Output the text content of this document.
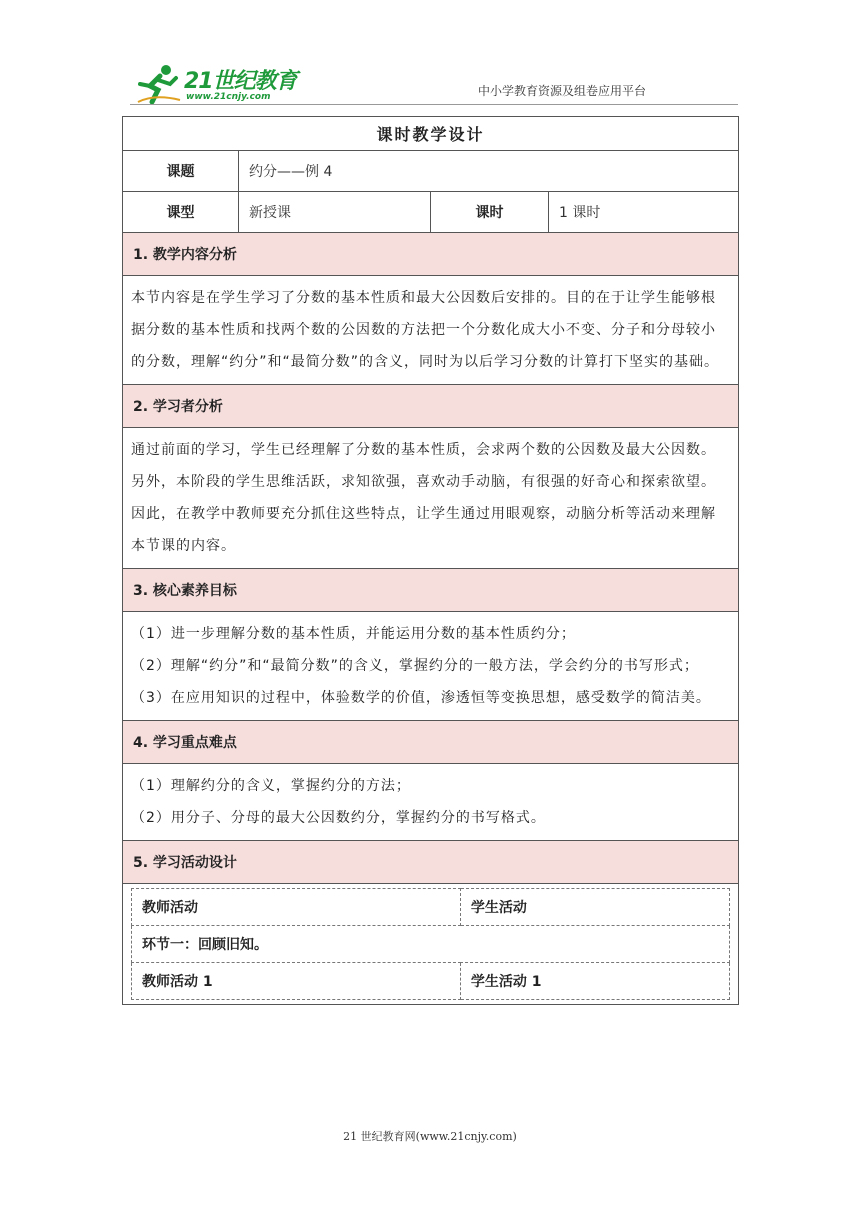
21世纪教育
www.21cnjy.com	中小学教育资源及组卷应用平台
课时教学设计
课题	约分——例 4
课型	新授课	课时	1 课时
1. 教学内容分析
本节内容是在学生学习了分数的基本性质和最大公因数后安排的。目的在于让学生能够根据分数的基本性质和找两个数的公因数的方法把一个分数化成大小不变、分子和分母较小的分数，理解“约分”和“最简分数”的含义，同时为以后学习分数的计算打下坚实的基础。
2. 学习者分析
通过前面的学习，学生已经理解了分数的基本性质，会求两个数的公因数及最大公因数。另外，本阶段的学生思维活跃，求知欲强，喜欢动手动脑，有很强的好奇心和探索欲望。因此，在教学中教师要充分抓住这些特点，让学生通过用眼观察，动脑分析等活动来理解本节课的内容。
3. 核心素养目标

（1）进一步理解分数的基本性质，并能运用分数的基本性质约分；
（2）理解“约分”和“最简分数”的含义，掌握约分的一般方法，学会约分的书写形式；
（3）在应用知识的过程中，体验数学的价值，渗透恒等变换思想，感受数学的简洁美。

4. 学习重点难点

（1）理解约分的含义，掌握约分的方法；
（2）用分子、分母的最大公因数约分，掌握约分的书写格式。

5. 学习活动设计

教师活动	学生活动
环节一：回顾旧知。
教师活动 1	学生活动 1
21 世纪教育网(www.21cnjy.com)
